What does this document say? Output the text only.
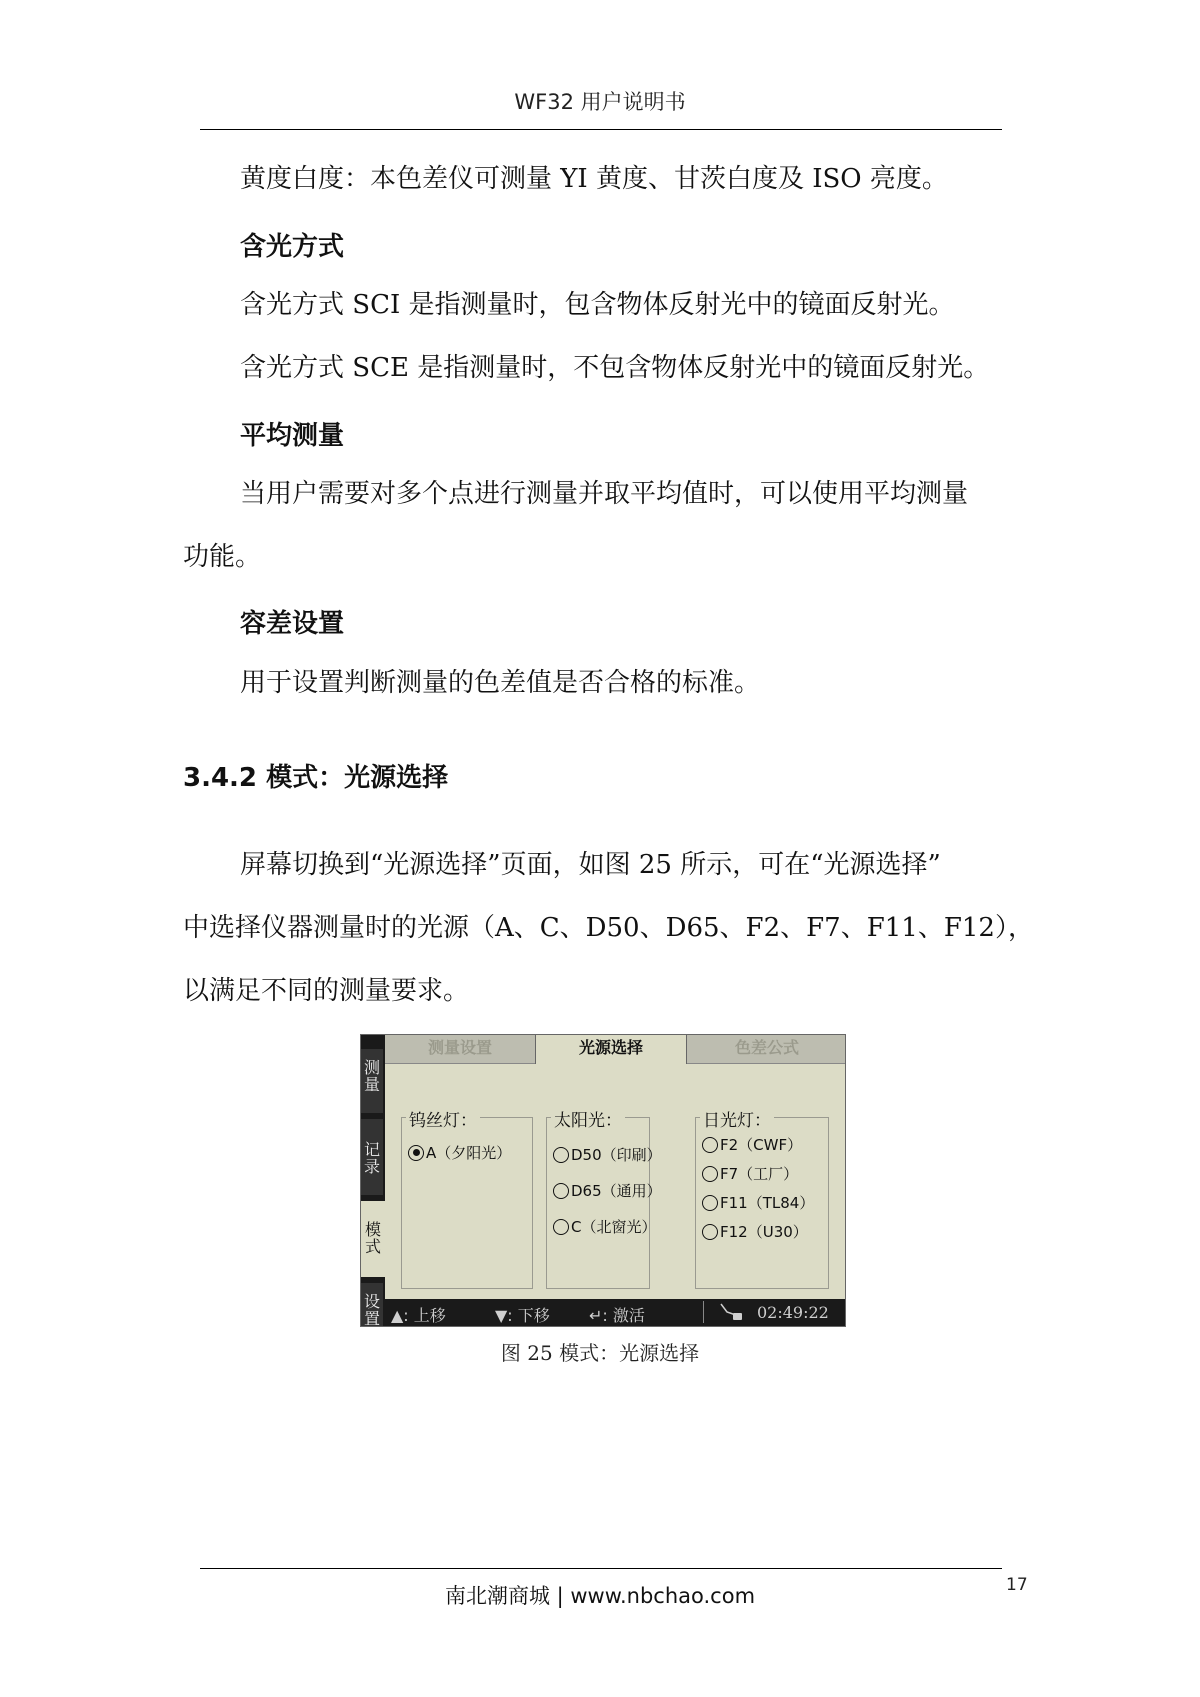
WF32 用户说明书
黄度白度：本色差仪可测量 YI 黄度、甘茨白度及 ISO 亮度。
含光方式
含光方式 SCI 是指测量时，包含物体反射光中的镜面反射光。
含光方式 SCE 是指测量时，不包含物体反射光中的镜面反射光。
平均测量
当用户需要对多个点进行测量并取平均值时，可以使用平均测量
功能。
容差设置
用于设置判断测量的色差值是否合格的标准。
3.4.2 模式：光源选择
屏幕切换到“光源选择”页面，如图 25 所示，可在“光源选择”
中选择仪器测量时的光源（A、C、D50、D65、F2、F7、F11、F12），
以满足不同的测量要求。
测量
记录
模式
设置
测量设置	光源选择	色差公式
钨丝灯：
A（夕阳光）
太阳光：
D50（印刷）
D65（通用）
C（北窗光）
日光灯：
F2（CWF）
F7（工厂）
F11（TL84）
F12（U30）
▲: 上移	▼: 下移 ↵: 激活	02:49:22
图 25 模式：光源选择
南北潮商城 | www.nbchao.com	17
